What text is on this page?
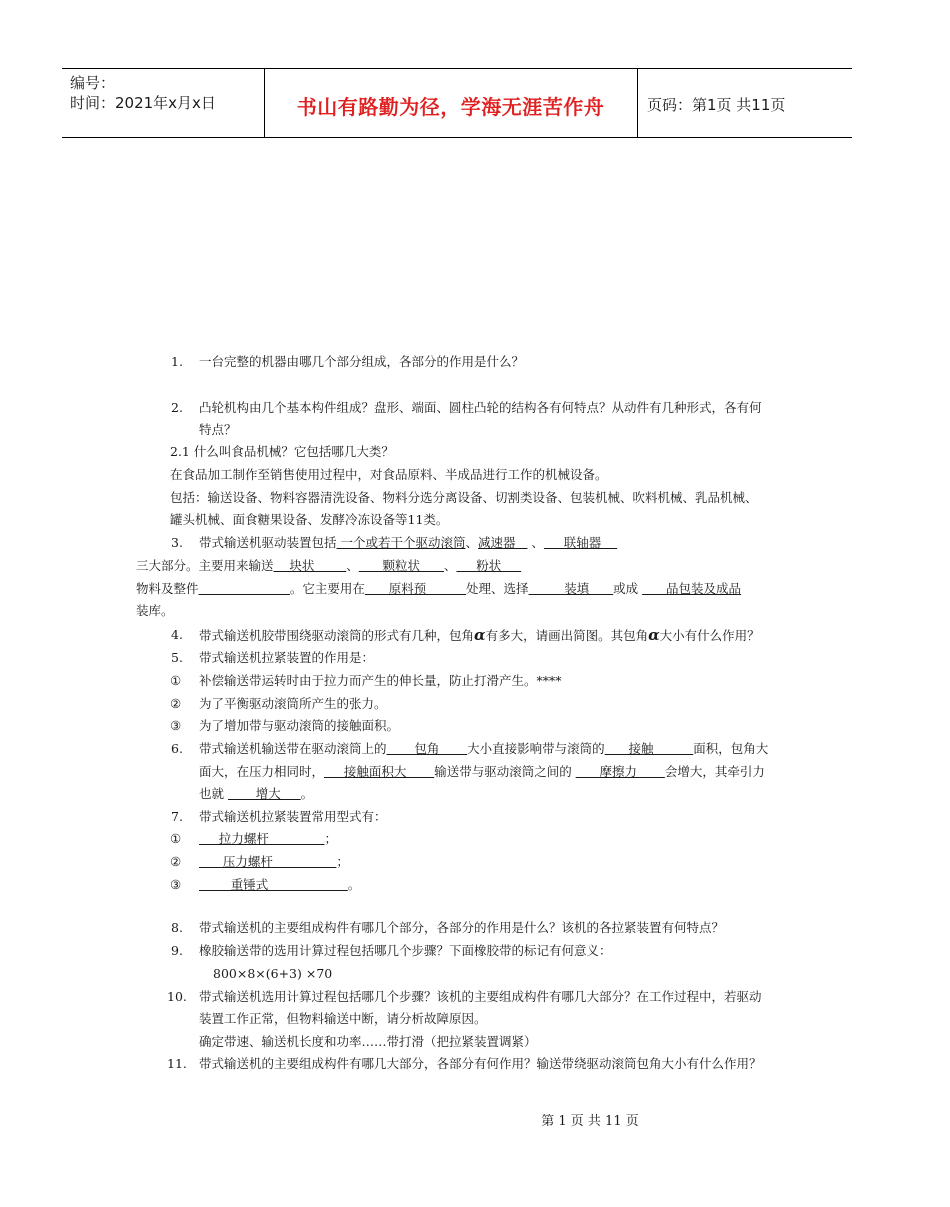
编号：
时间：2021年x月x日	书山有路勤为径，学海无涯苦作舟	页码：第1页 共11页
1. 一台完整的机器由哪几个部分组成，各部分的作用是什么？
2. 凸轮机构由几个基本构件组成？盘形、端面、圆柱凸轮的结构各有何特点？从动件有几种形式，各有何
特点？
2.1 什么叫食品机械？它包括哪几大类？
在食品加工制作至销售使用过程中，对食品原料、半成品进行工作的机械设备。
包括：输送设备、物料容器清洗设备、物料分选分离设备、切割类设备、包装机械、吹料机械、乳品机械、
罐头机械、面食糖果设备、发酵冷冻设备等11类。
3. 带式输送机驱动装置包括 一个或若干个驱动滚筒、减速器    、     联轴器
三大部分。主要用来输送    块状        、      颗粒状      、     粉状
物料及整件	。它主要用在      原料预          处理、选择         装填      或成       品包装及成品
装库。
4. 带式输送机胶带围绕驱动滚筒的形式有几种，包角α有多大，请画出简图。其包角α大小有什么作用？
5. 带式输送机拉紧装置的作用是：
① 补偿输送带运转时由于拉力而产生的伸长量，防止打滑产生。****
② 为了平衡驱动滚筒所产生的张力。
③ 为了增加带与驱动滚筒的接触面积。
6. 带式输送机输送带在驱动滚筒上的       包角       大小直接影响带与滚筒的      接触          面积，包角大
面大，在压力相同时，     接触面积大       输送带与驱动滚筒之间的       摩擦力       会增大，其牵引力
也就        增大     。
7. 带式输送机拉紧装置常用型式有：
① 拉力螺杆              ；
② 压力螺杆                ；
③ 重锤式                    。
8. 带式输送机的主要组成构件有哪几个部分，各部分的作用是什么？该机的各拉紧装置有何特点？
9. 橡胶输送带的选用计算过程包括哪几个步骤？下面橡胶带的标记有何意义：
800×8×(6+3) ×70
10. 带式输送机选用计算过程包括哪几个步骤？该机的主要组成构件有哪几大部分？在工作过程中，若驱动
装置工作正常，但物料输送中断，请分析故障原因。
确定带速、输送机长度和功率……带打滑（把拉紧装置调紧）
11. 带式输送机的主要组成构件有哪几大部分，各部分有何作用？输送带绕驱动滚筒包角大小有什么作用？
第 1 页 共 11 页
